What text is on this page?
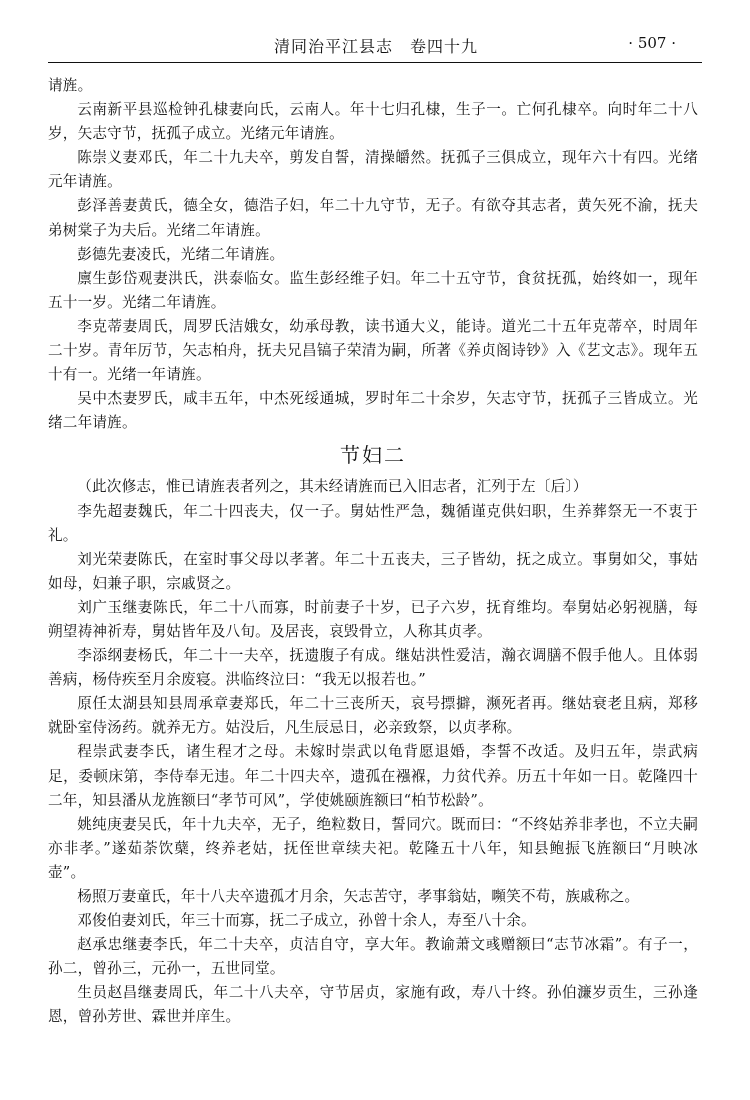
清同治平江县志　卷四十九	· 507 ·

请旌。

云南新平县巡检钟孔棣妻向氏，云南人。年十七归孔棣，生子一。亡何孔棣卒。向时年二十八岁，矢志守节，抚孤子成立。光绪元年请旌。

陈崇义妻邓氏，年二十九夫卒，剪发自誓，清操皭然。抚孤子三俱成立，现年六十有四。光绪元年请旌。

彭泽善妻黄氏，德全女，德浩子妇，年二十九守节，无子。有欲夺其志者，黄矢死不渝，抚夫弟树棠子为夫后。光绪二年请旌。

彭德先妻凌氏，光绪二年请旌。

廪生彭岱观妻洪氏，洪泰临女。监生彭经维子妇。年二十五守节，食贫抚孤，始终如一，现年五十一岁。光绪二年请旌。

李克蒂妻周氏，周罗氏洁娥女，幼承母教，读书通大义，能诗。道光二十五年克蒂卒，时周年二十岁。青年厉节，矢志柏舟，抚夫兄昌镐子荣清为嗣，所著《养贞阁诗钞》入《艺文志》。现年五十有一。光绪一年请旌。

吴中杰妻罗氏，咸丰五年，中杰死绥通城，罗时年二十余岁，矢志守节，抚孤子三皆成立。光绪二年请旌。

节妇二

（此次修志，惟已请旌表者列之，其未经请旌而已入旧志者，汇列于左〔后〕）

李先超妻魏氏，年二十四丧夫，仅一子。舅姑性严急，魏循谨克供妇职，生养葬祭无一不衷于礼。

刘光荣妻陈氏，在室时事父母以孝著。年二十五丧夫，三子皆幼，抚之成立。事舅如父，事姑如母，妇兼子职，宗戚贤之。

刘广玉继妻陈氏，年二十八而寡，时前妻子十岁，已子六岁，抚育维均。奉舅姑必躬视膳，每朔望祷神祈寿，舅姑皆年及八旬。及居丧，哀毁骨立，人称其贞孝。

李添纲妻杨氏，年二十一夫卒，抚遗腹子有成。继姑洪性爱洁，瀚衣调膳不假手他人。且体弱善病，杨侍疾至月余废寝。洪临终泣曰：“我无以报若也。”

原任太湖县知县周承章妻郑氏，年二十三丧所天，哀号摽擗，濒死者再。继姑衰老且病，郑移就卧室侍汤药。就养无方。姑没后，凡生辰忌日，必亲致祭，以贞孝称。

程崇武妻李氏，诸生程才之母。未嫁时崇武以龟背愿退婚，李誓不改适。及归五年，崇武病足，委顿床第，李侍奉无违。年二十四夫卒，遗孤在襁褓，力贫代养。历五十年如一日。乾隆四十二年，知县潘从龙旌额曰“孝节可风”，学使姚颐旌额曰“柏节松龄”。

姚纯庚妻吴氏，年十九夫卒，无子，绝粒数日，誓同穴。既而曰：“不终姑养非孝也，不立夫嗣亦非孝。”遂茹荼饮蘖，终养老姑，抚侄世章续夫祀。乾隆五十八年，知县鲍振飞旌额曰“月映冰壶”。

杨照万妻童氏，年十八夫卒遗孤才月余，矢志苦守，孝事翁姑，嚬笑不苟，族戚称之。

邓俊伯妻刘氏，年三十而寡，抚二子成立，孙曾十余人，寿至八十余。

赵承忠继妻李氏，年二十夫卒，贞洁自守，享大年。教谕萧文彧赠额曰“志节冰霜”。有子一，孙二，曾孙三，元孙一，五世同堂。

生员赵昌继妻周氏，年二十八夫卒，守节居贞，家施有政，寿八十终。孙伯濂岁贡生，三孙逢恩，曾孙芳世、霖世并庠生。
